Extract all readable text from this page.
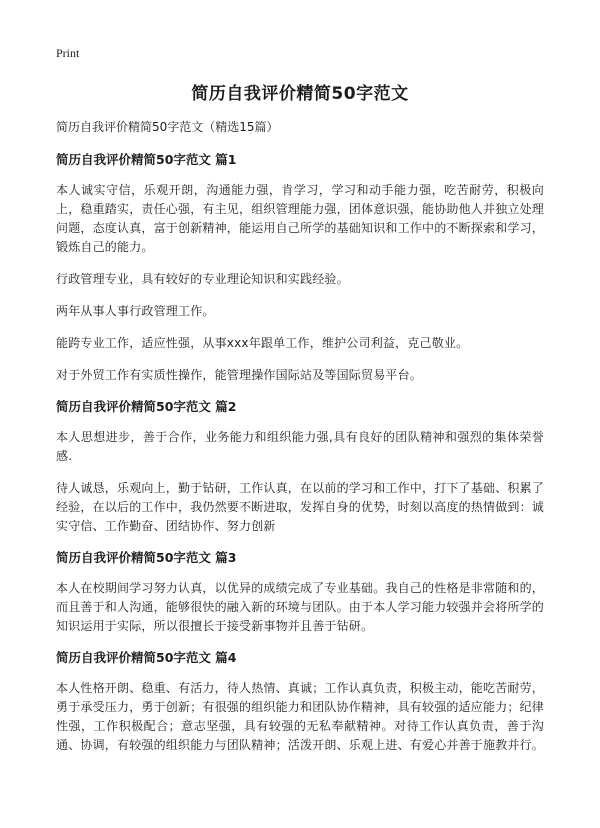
Print
简历自我评价精简50字范文
简历自我评价精简50字范文（精选15篇）
简历自我评价精简50字范文 篇1
本人诚实守信，乐观开朗，沟通能力强，肯学习，学习和动手能力强，吃苦耐劳，积极向上，稳重踏实，责任心强，有主见，组织管理能力强，团体意识强，能协助他人并独立处理问题，态度认真，富于创新精神，能运用自己所学的基础知识和工作中的不断探索和学习，锻炼自己的能力。
行政管理专业，具有较好的专业理论知识和实践经验。
两年从事人事行政管理工作。
能跨专业工作，适应性强，从事xxx年跟单工作，维护公司利益，克己敬业。
对于外贸工作有实质性操作，能管理操作国际站及等国际贸易平台。
简历自我评价精简50字范文 篇2
本人思想进步，善于合作，业务能力和组织能力强,具有良好的团队精神和强烈的集体荣誉感.
待人诚恳，乐观向上，勤于钻研，工作认真，在以前的学习和工作中，打下了基础、积累了经验，在以后的工作中，我仍然要不断进取，发挥自身的优势，时刻以高度的热情做到：诚实守信、工作勤奋、团结协作、努力创新
简历自我评价精简50字范文 篇3
本人在校期间学习努力认真，以优异的成绩完成了专业基础。我自己的性格是非常随和的，而且善于和人沟通，能够很快的融入新的环境与团队。由于本人学习能力较强并会将所学的知识运用于实际，所以很擅长于接受新事物并且善于钻研。
简历自我评价精简50字范文 篇4
本人性格开朗、稳重、有活力，待人热情、真诚；工作认真负责，积极主动，能吃苦耐劳，勇于承受压力，勇于创新；有很强的组织能力和团队协作精神，具有较强的适应能力；纪律性强，工作积极配合；意志坚强，具有较强的无私奉献精神。对待工作认真负责，善于沟通、协调，有较强的组织能力与团队精神；活泼开朗、乐观上进、有爱心并善于施教并行。
